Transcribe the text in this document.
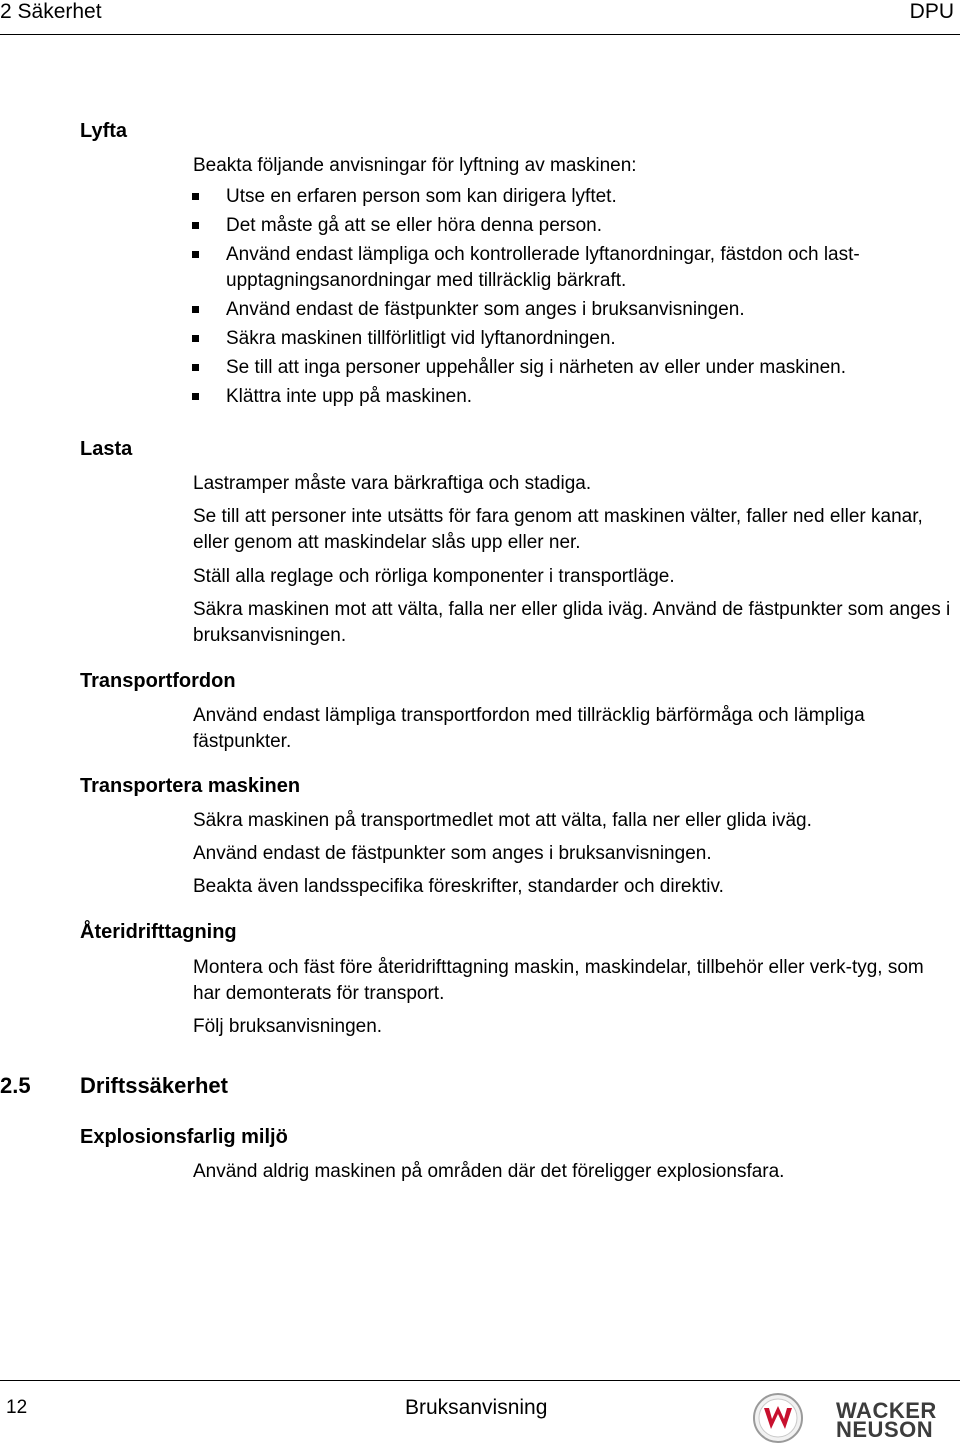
2 Säkerhet	DPU
Lyfta

Beakta följande anvisningar för lyftning av maskinen:

Utse en erfaren person som kan dirigera lyftet.
Det måste gå att se eller höra denna person.
Använd endast lämpliga och kontrollerade lyftanordningar, fästdon och last-upptagningsanordningar med tillräcklig bärkraft.
Använd endast de fästpunkter som anges i bruksanvisningen.
Säkra maskinen tillförlitligt vid lyftanordningen.
Se till att inga personer uppehåller sig i närheten av eller under maskinen.
Klättra inte upp på maskinen.
Lasta

Lastramper måste vara bärkraftiga och stadiga.

Se till att personer inte utsätts för fara genom att maskinen välter, faller ned eller kanar, eller genom att maskindelar slås upp eller ner.

Ställ alla reglage och rörliga komponenter i transportläge.

Säkra maskinen mot att välta, falla ner eller glida iväg. Använd de fästpunkter som anges i bruksanvisningen.

Transportfordon

Använd endast lämpliga transportfordon med tillräcklig bärförmåga och lämpliga fästpunkter.

Transportera maskinen

Säkra maskinen på transportmedlet mot att välta, falla ner eller glida iväg.

Använd endast de fästpunkter som anges i bruksanvisningen.

Beakta även landsspecifika föreskrifter, standarder och direktiv.

Återidrifttagning

Montera och fäst före återidrifttagning maskin, maskindelar, tillbehör eller verk-tyg, som har demonterats för transport.

Följ bruksanvisningen.

2.5 Driftssäkerhet
Explosionsfarlig miljö

Använd aldrig maskinen på områden där det föreligger explosionsfara.

12	Bruksanvisning	WACKER
NEUSON
